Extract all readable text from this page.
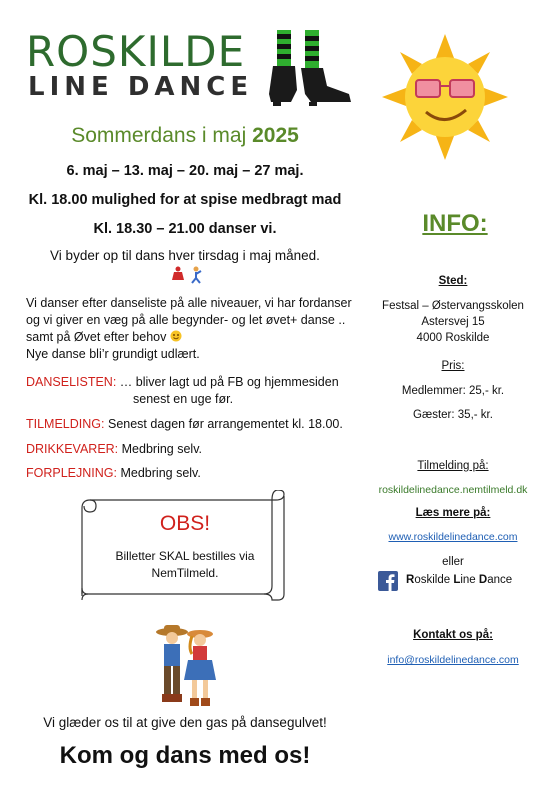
ROSKILDE
LINE DANCE
Sommerdans i maj 2025
6. maj – 13. maj – 20. maj – 27 maj.
Kl. 18.00 mulighed for at spise medbragt mad
Kl. 18.30 – 21.00 danser vi.
Vi byder op til dans hver tirsdag i maj måned.
Vi danser efter danseliste på alle niveauer, vi har fordanser
og vi giver en væg på alle begynder- og let øvet+ danse ..
samt på Øvet efter behov
Nye danse bli’r grundigt udlært.
DANSELISTEN: … bliver lagt ud på FB og hjemmesiden
senest en uge før.
TILMELDING: Senest dagen før arrangementet kl. 18.00.
DRIKKEVARER: Medbring selv.
FORPLEJNING: Medbring selv.
OBS!
Billetter SKAL bestilles via
NemTilmeld.
Vi glæder os til at give den gas på dansegulvet!
Kom og dans med os!
INFO:
Sted:
Festsal – Østervangsskolen
Astersvej 15
4000 Roskilde
Pris:
Medlemmer: 25,- kr.
Gæster: 35,- kr.
Tilmelding på:
roskildelinedance.nemtilmeld.dk
Læs mere på:
www.roskildelinedance.com
eller
Roskilde Line Dance
Kontakt os på:
info@roskildelinedance.com
